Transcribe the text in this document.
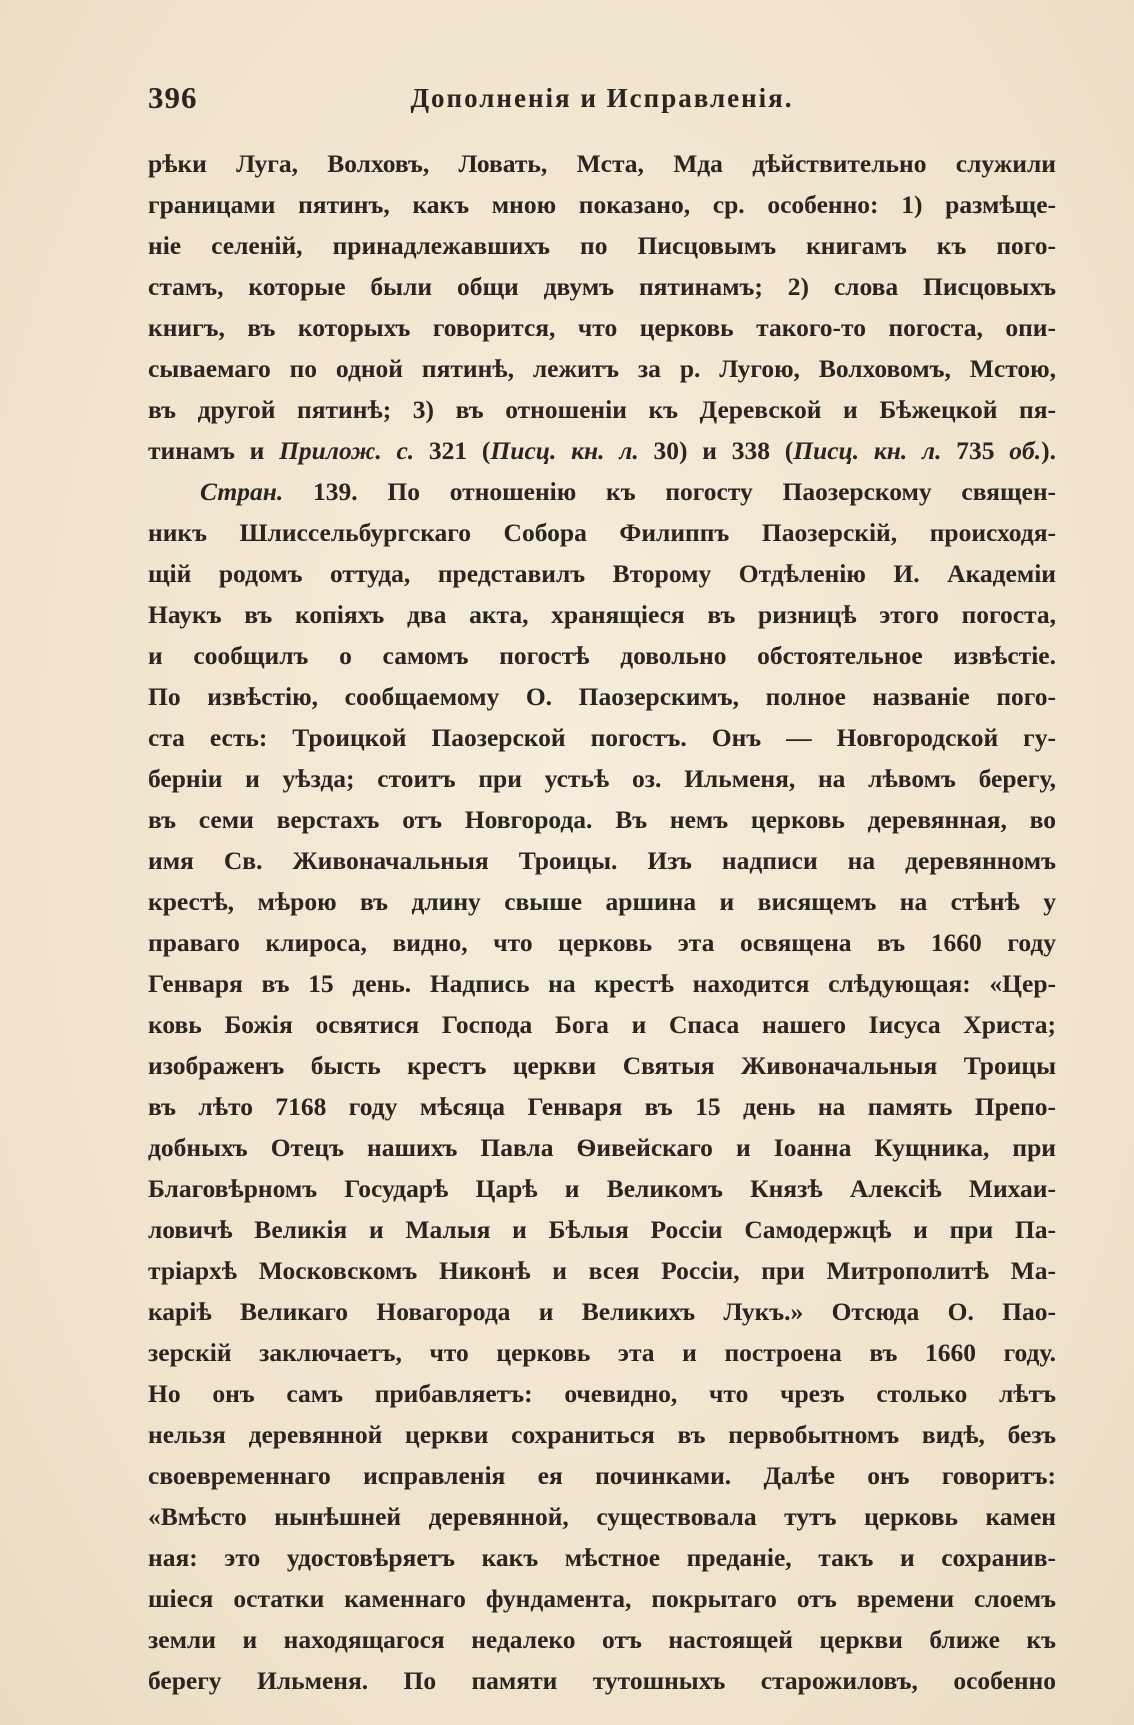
396	Дополненія и Исправленія.
рѣки Луга, Волховъ, Ловать, Мста, Мда дѣйствительно служили
границами пятинъ, какъ мною показано, ср. особенно: 1) размѣще-
ніе селеній, принадлежавшихъ по Писцовымъ книгамъ къ пого-
стамъ, которые были общи двумъ пятинамъ; 2) слова Писцовыхъ
книгъ, въ которыхъ говорится, что церковь такого-то погоста, опи-
сываемаго по одной пятинѣ, лежитъ за р. Лугою, Волховомъ, Мстою,
въ другой пятинѣ; 3) въ отношеніи къ Деревской и Бѣжецкой пя-
тинамъ и Прилож. с. 321 (Писц. кн. л. 30) и 338 (Писц. кн. л. 735 об.).
Стран. 139. По отношенію къ погосту Паозерскому священ-
никъ Шлиссельбургскаго Собора Филиппъ Паозерскій, происходя-
щій родомъ оттуда, представилъ Второму Отдѣленію И. Академіи
Наукъ въ копіяхъ два акта, хранящіеся въ ризницѣ этого погоста,
и сообщилъ о самомъ погостѣ довольно обстоятельное извѣстіе.
По извѣстію, сообщаемому О. Паозерскимъ, полное названіе пого-
ста есть: Троицкой Паозерской погостъ. Онъ — Новгородской гу-
берніи и уѣзда; стоитъ при устьѣ оз. Ильменя, на лѣвомъ берегу,
въ семи верстахъ отъ Новгорода. Въ немъ церковь деревянная, во
имя Св. Живоначальныя Троицы. Изъ надписи на деревянномъ
крестѣ, мѣрою въ длину свыше аршина и висящемъ на стѣнѣ у
праваго клироса, видно, что церковь эта освящена въ 1660 году
Генваря въ 15 день. Надпись на крестѣ находится слѣдующая: «Цер-
ковь Божія освятися Господа Бога и Спаса нашего Іисуса Христа;
изображенъ бысть крестъ церкви Святыя Живоначальныя Троицы
въ лѣто 7168 году мѣсяца Генваря въ 15 день на память Препо-
добныхъ Отецъ нашихъ Павла Ѳивейскаго и Іоанна Кущника, при
Благовѣрномъ Государѣ Царѣ и Великомъ Князѣ Алексіѣ Михаи-
ловичѣ Великія и Малыя и Бѣлыя Россіи Самодержцѣ и при Па-
тріархѣ Московскомъ Никонѣ и всея Россіи, при Митрополитѣ Ма-
каріѣ Великаго Новагорода и Великихъ Лукъ.» Отсюда О. Пао-
зерскій заключаетъ, что церковь эта и построена въ 1660 году.
Но онъ самъ прибавляетъ: очевидно, что чрезъ столько лѣтъ
нельзя деревянной церкви сохраниться въ первобытномъ видѣ, безъ
своевременнаго исправленія ея починками. Далѣе онъ говоритъ:
«Вмѣсто нынѣшней деревянной, существовала тутъ церковь камен
ная: это удостовѣряетъ какъ мѣстное преданіе, такъ и сохранив-
шіеся остатки каменнаго фундамента, покрытаго отъ времени слоемъ
земли и находящагося недалеко отъ настоящей церкви ближе къ
берегу Ильменя. По памяти тутошныхъ старожиловъ, особенно
